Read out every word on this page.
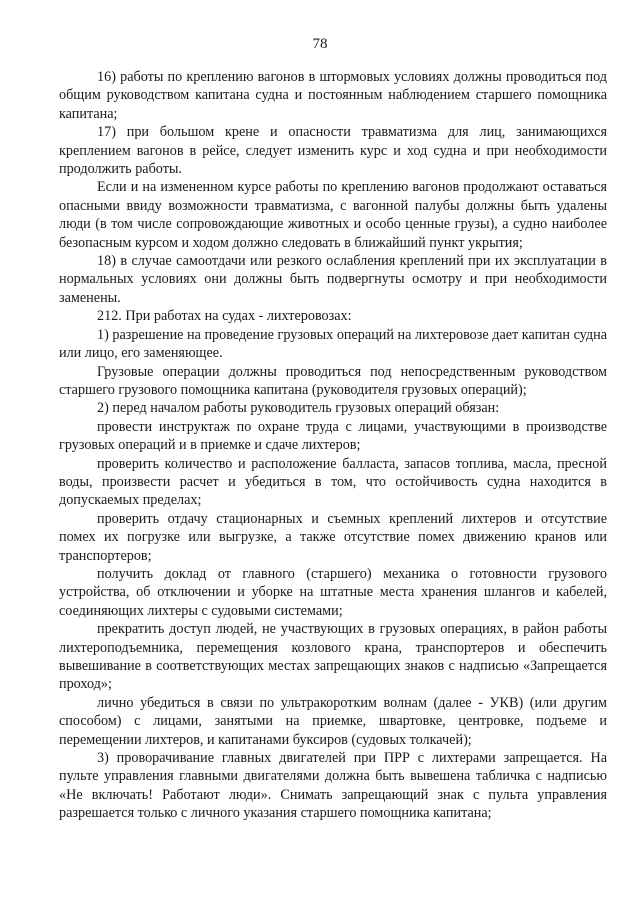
78

16) работы по креплению вагонов в штормовых условиях должны проводиться под общим руководством капитана судна и постоянным наблюдением старшего помощника капитана;

17) при большом крене и опасности травматизма для лиц, занимающихся креплением вагонов в рейсе, следует изменить курс и ход судна и при необходимости продолжить работы.

Если и на измененном курсе работы по креплению вагонов продолжают оставаться опасными ввиду возможности травматизма, с вагонной палубы должны быть удалены люди (в том числе сопровождающие животных и особо ценные грузы), а судно наиболее безопасным курсом и ходом должно следовать в ближайший пункт укрытия;

18) в случае самоотдачи или резкого ослабления креплений при их эксплуатации в нормальных условиях они должны быть подвергнуты осмотру и при необходимости заменены.

212. При работах на судах - лихтеровозах:

1) разрешение на проведение грузовых операций на лихтеровозе дает капитан судна или лицо, его заменяющее.

Грузовые операции должны проводиться под непосредственным руководством старшего грузового помощника капитана (руководителя грузовых операций);

2) перед началом работы руководитель грузовых операций обязан:

провести инструктаж по охране труда с лицами, участвующими в производстве грузовых операций и в приемке и сдаче лихтеров;

проверить количество и расположение балласта, запасов топлива, масла, пресной воды, произвести расчет и убедиться в том, что остойчивость судна находится в допускаемых пределах;

проверить отдачу стационарных и съемных креплений лихтеров и отсутствие помех их погрузке или выгрузке, а также отсутствие помех движению кранов или транспортеров;

получить доклад от главного (старшего) механика о готовности грузового устройства, об отключении и уборке на штатные места хранения шлангов и кабелей, соединяющих лихтеры с судовыми системами;

прекратить доступ людей, не участвующих в грузовых операциях, в район работы лихтероподъемника, перемещения козлового крана, транспортеров и обеспечить вывешивание в соответствующих местах запрещающих знаков с надписью «Запрещается проход»;

лично убедиться в связи по ультракоротким волнам (далее - УКВ) (или другим способом) с лицами, занятыми на приемке, швартовке, центровке, подъеме и перемещении лихтеров, и капитанами буксиров (судовых толкачей);

3) проворачивание главных двигателей при ПРР с лихтерами запрещается. На пульте управления главными двигателями должна быть вывешена табличка с надписью «Не включать! Работают люди». Снимать запрещающий знак с пульта управления разрешается только с личного указания старшего помощника капитана;
